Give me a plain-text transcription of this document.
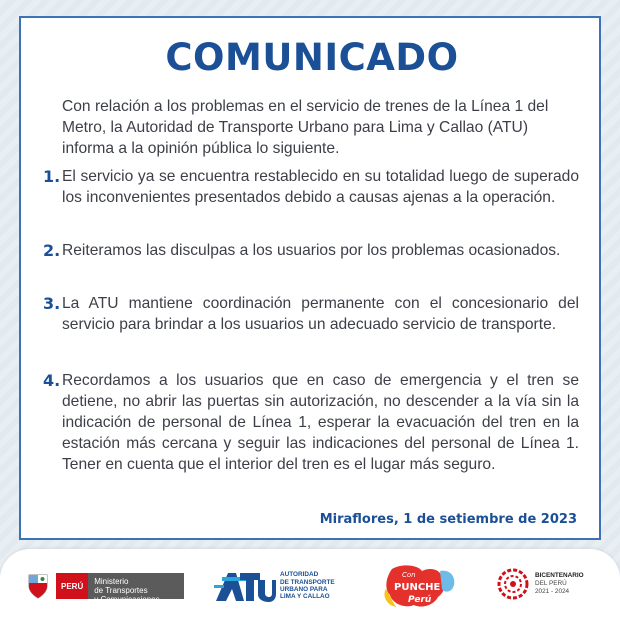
COMUNICADO

Con relación a los problemas en el servicio de trenes de la Línea 1 del Metro, la Autoridad de Transporte Urbano para Lima y Callao (ATU) informa a la opinión pública lo siguiente.

1. El servicio ya se encuentra restablecido en su totalidad luego de superado los inconvenientes presentados debido a causas ajenas a la operación.
2. Reiteramos las disculpas a los usuarios por los problemas ocasionados.
3. La ATU mantiene coordinación permanente con el concesionario del servicio para brindar a los usuarios un adecuado servicio de transporte.
4. Recordamos a los usuarios que en caso de emergencia y el tren se detiene, no abrir las puertas sin autorización, no descender a la vía sin la indicación de personal de Línea 1, esperar la evacuación del tren en la estación más cercana y seguir las indicaciones del personal de Línea 1. Tener en cuenta que el interior del tren es el lugar más seguro.
Miraflores, 1 de setiembre de 2023
PERÚ	Ministerio
de Transportes
y Comunicaciones
AUTORIDAD
DE TRANSPORTE
URBANO PARA
LIMA Y CALLAO
Con
PUNCHE
Perú
BICENTENARIO
DEL PERÚ
2021 - 2024
